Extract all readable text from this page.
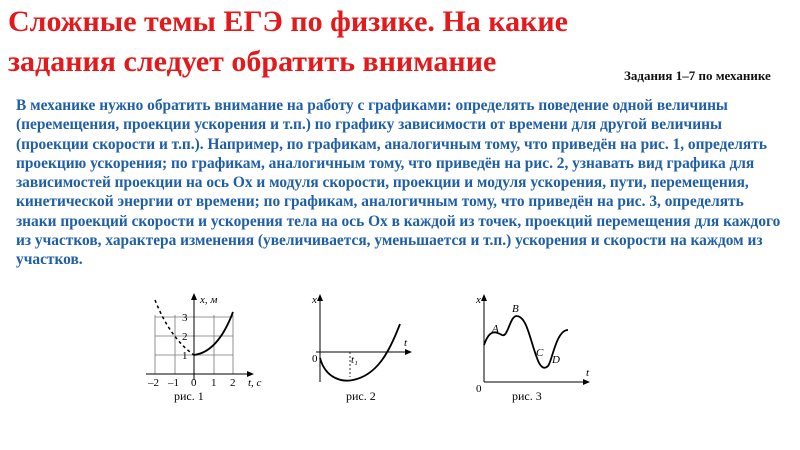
Сложные темы ЕГЭ по физике. На какие задания следует обратить внимание	Задания 1–7 по механике

В механике нужно обратить внимание на работу с графиками: определять поведение одной величины (перемещения, проекции ускорения и т.п.) по графику зависимости от времени для другой величины (проекции скорости и т.п.). Например, по графикам, аналогичным тому, что приведён на рис. 1, определять проекцию ускорения; по графикам, аналогичным тому, что приведён на рис. 2, узнавать вид графика для зависимостей проекции на ось Ох и модуля скорости, проекции и модуля ускорения, пути, перемещения, кинетической энергии от времени; по графикам, аналогичным тому, что приведён на рис. 3, определять знаки проекций скорости и ускорения тела на ось Ох в каждой из точек, проекций перемещения для каждого из участков, характера изменения (увеличивается, уменьшается и т.п.) ускорения и скорости на каждом из участков.

x, м
3
2
1
–2 –1 0 1 2 t, с
рис. 1
x
0	t₁
t
рис. 2
x
0
A
B
C
D
t
рис. 3
